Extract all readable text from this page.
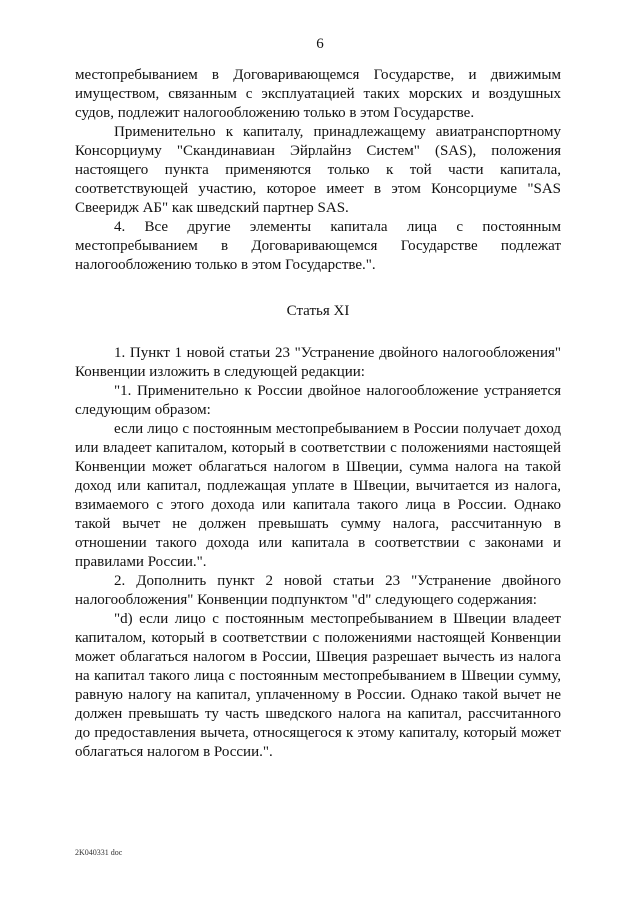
6

местопребыванием в Договаривающемся Государстве, и движимым имуществом, связанным с эксплуатацией таких морских и воздушных судов, подлежит налогообложению только в этом Государстве.

Применительно к капиталу, принадлежащему авиатранспортному Консорциуму "Скандинавиан Эйрлайнз Систем" (SAS), положения настоящего пункта применяются только к той части капитала, соответствующей участию, которое имеет в этом Консорциуме "SAS Свееридж АБ" как шведский партнер SAS.

4. Все другие элементы капитала лица с постоянным местопребыванием в Договаривающемся Государстве подлежат налогообложению только в этом Государстве.".

Статья XI

1. Пункт 1 новой статьи 23 "Устранение двойного налогообложения" Конвенции изложить в следующей редакции:

"1. Применительно к России двойное налогообложение устраняется следующим образом:

если лицо с постоянным местопребыванием в России получает доход или владеет капиталом, который в соответствии с положениями настоящей Конвенции может облагаться налогом в Швеции, сумма налога на такой доход или капитал, подлежащая уплате в Швеции, вычитается из налога, взимаемого с этого дохода или капитала такого лица в России. Однако такой вычет не должен превышать сумму налога, рассчитанную в отношении такого дохода или капитала в соответствии с законами и правилами России.".

2. Дополнить пункт 2 новой статьи 23 "Устранение двойного налогообложения" Конвенции подпунктом "d" следующего содержания:

"d) если лицо с постоянным местопребыванием в Швеции владеет капиталом, который в соответствии с положениями настоящей Конвенции может облагаться налогом в России, Швеция разрешает вычесть из налога на капитал такого лица с постоянным местопребыванием в Швеции сумму, равную налогу на капитал, уплаченному в России. Однако такой вычет не должен превышать ту часть шведского налога на капитал, рассчитанного до предоставления вычета, относящегося к этому капиталу, который может облагаться налогом в России.".

2K040331 doc
